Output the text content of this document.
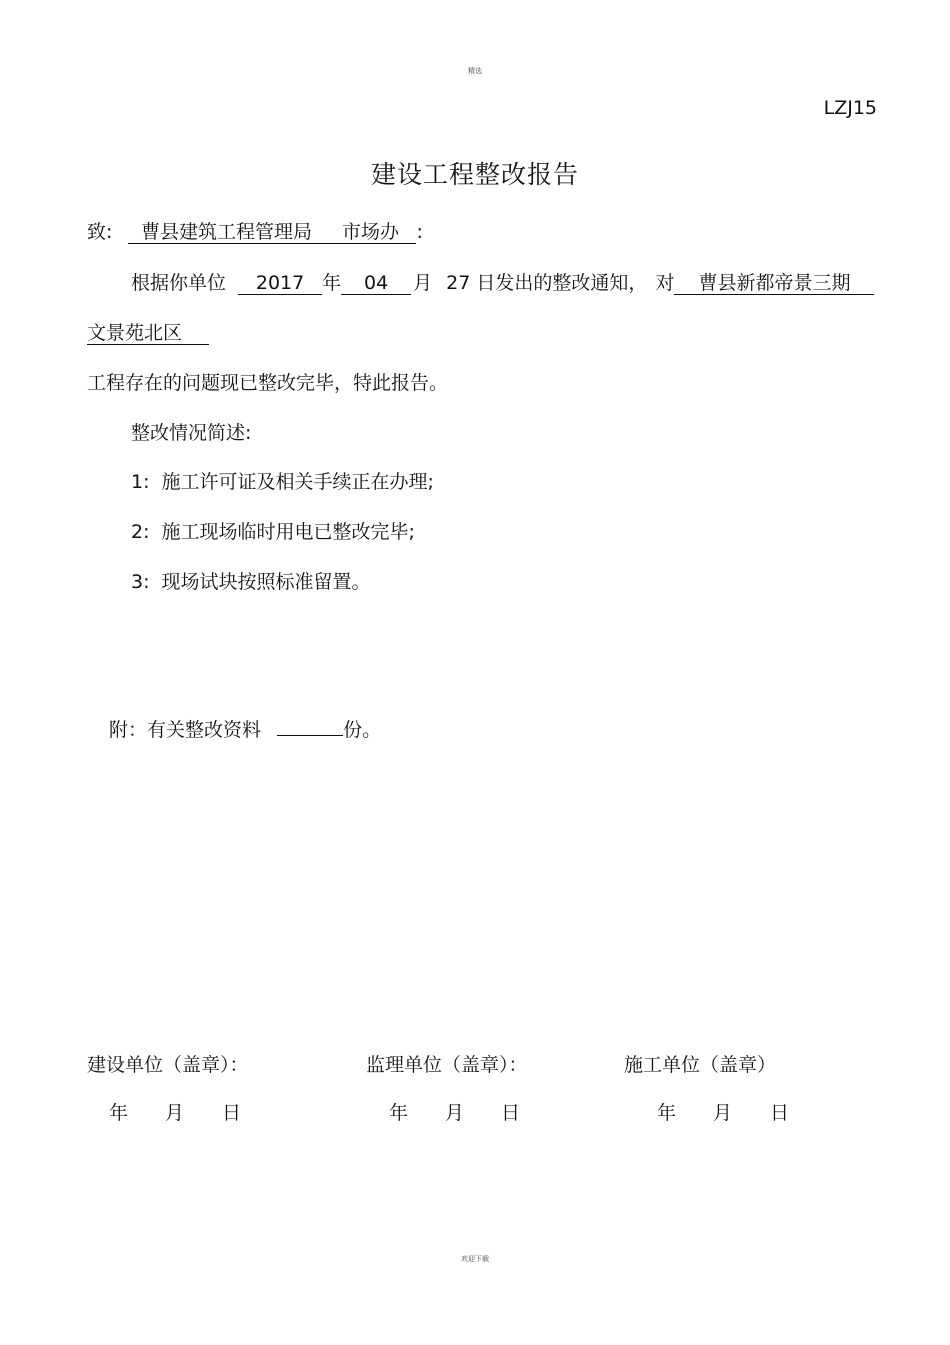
精选
LZJ15
建设工程整改报告
致: 曹县建筑工程管理局 市场办 :
根据你单位 2017 年 04 月 27 日发出的整改通知， 对 曹县新都帝景三期
文景苑北区
工程存在的问题现已整改完毕，特此报告。
整改情况简述:
1: 施工许可证及相关手续正在办理;
2: 施工现场临时用电已整改完毕;
3: 现场试块按照标准留置。
附：有关整改资料	份。
建设单位（盖章）：	监理单位（盖章）：	施工单位（盖章）
年 月 日	年 月 日	年 月 日
欢迎下载
